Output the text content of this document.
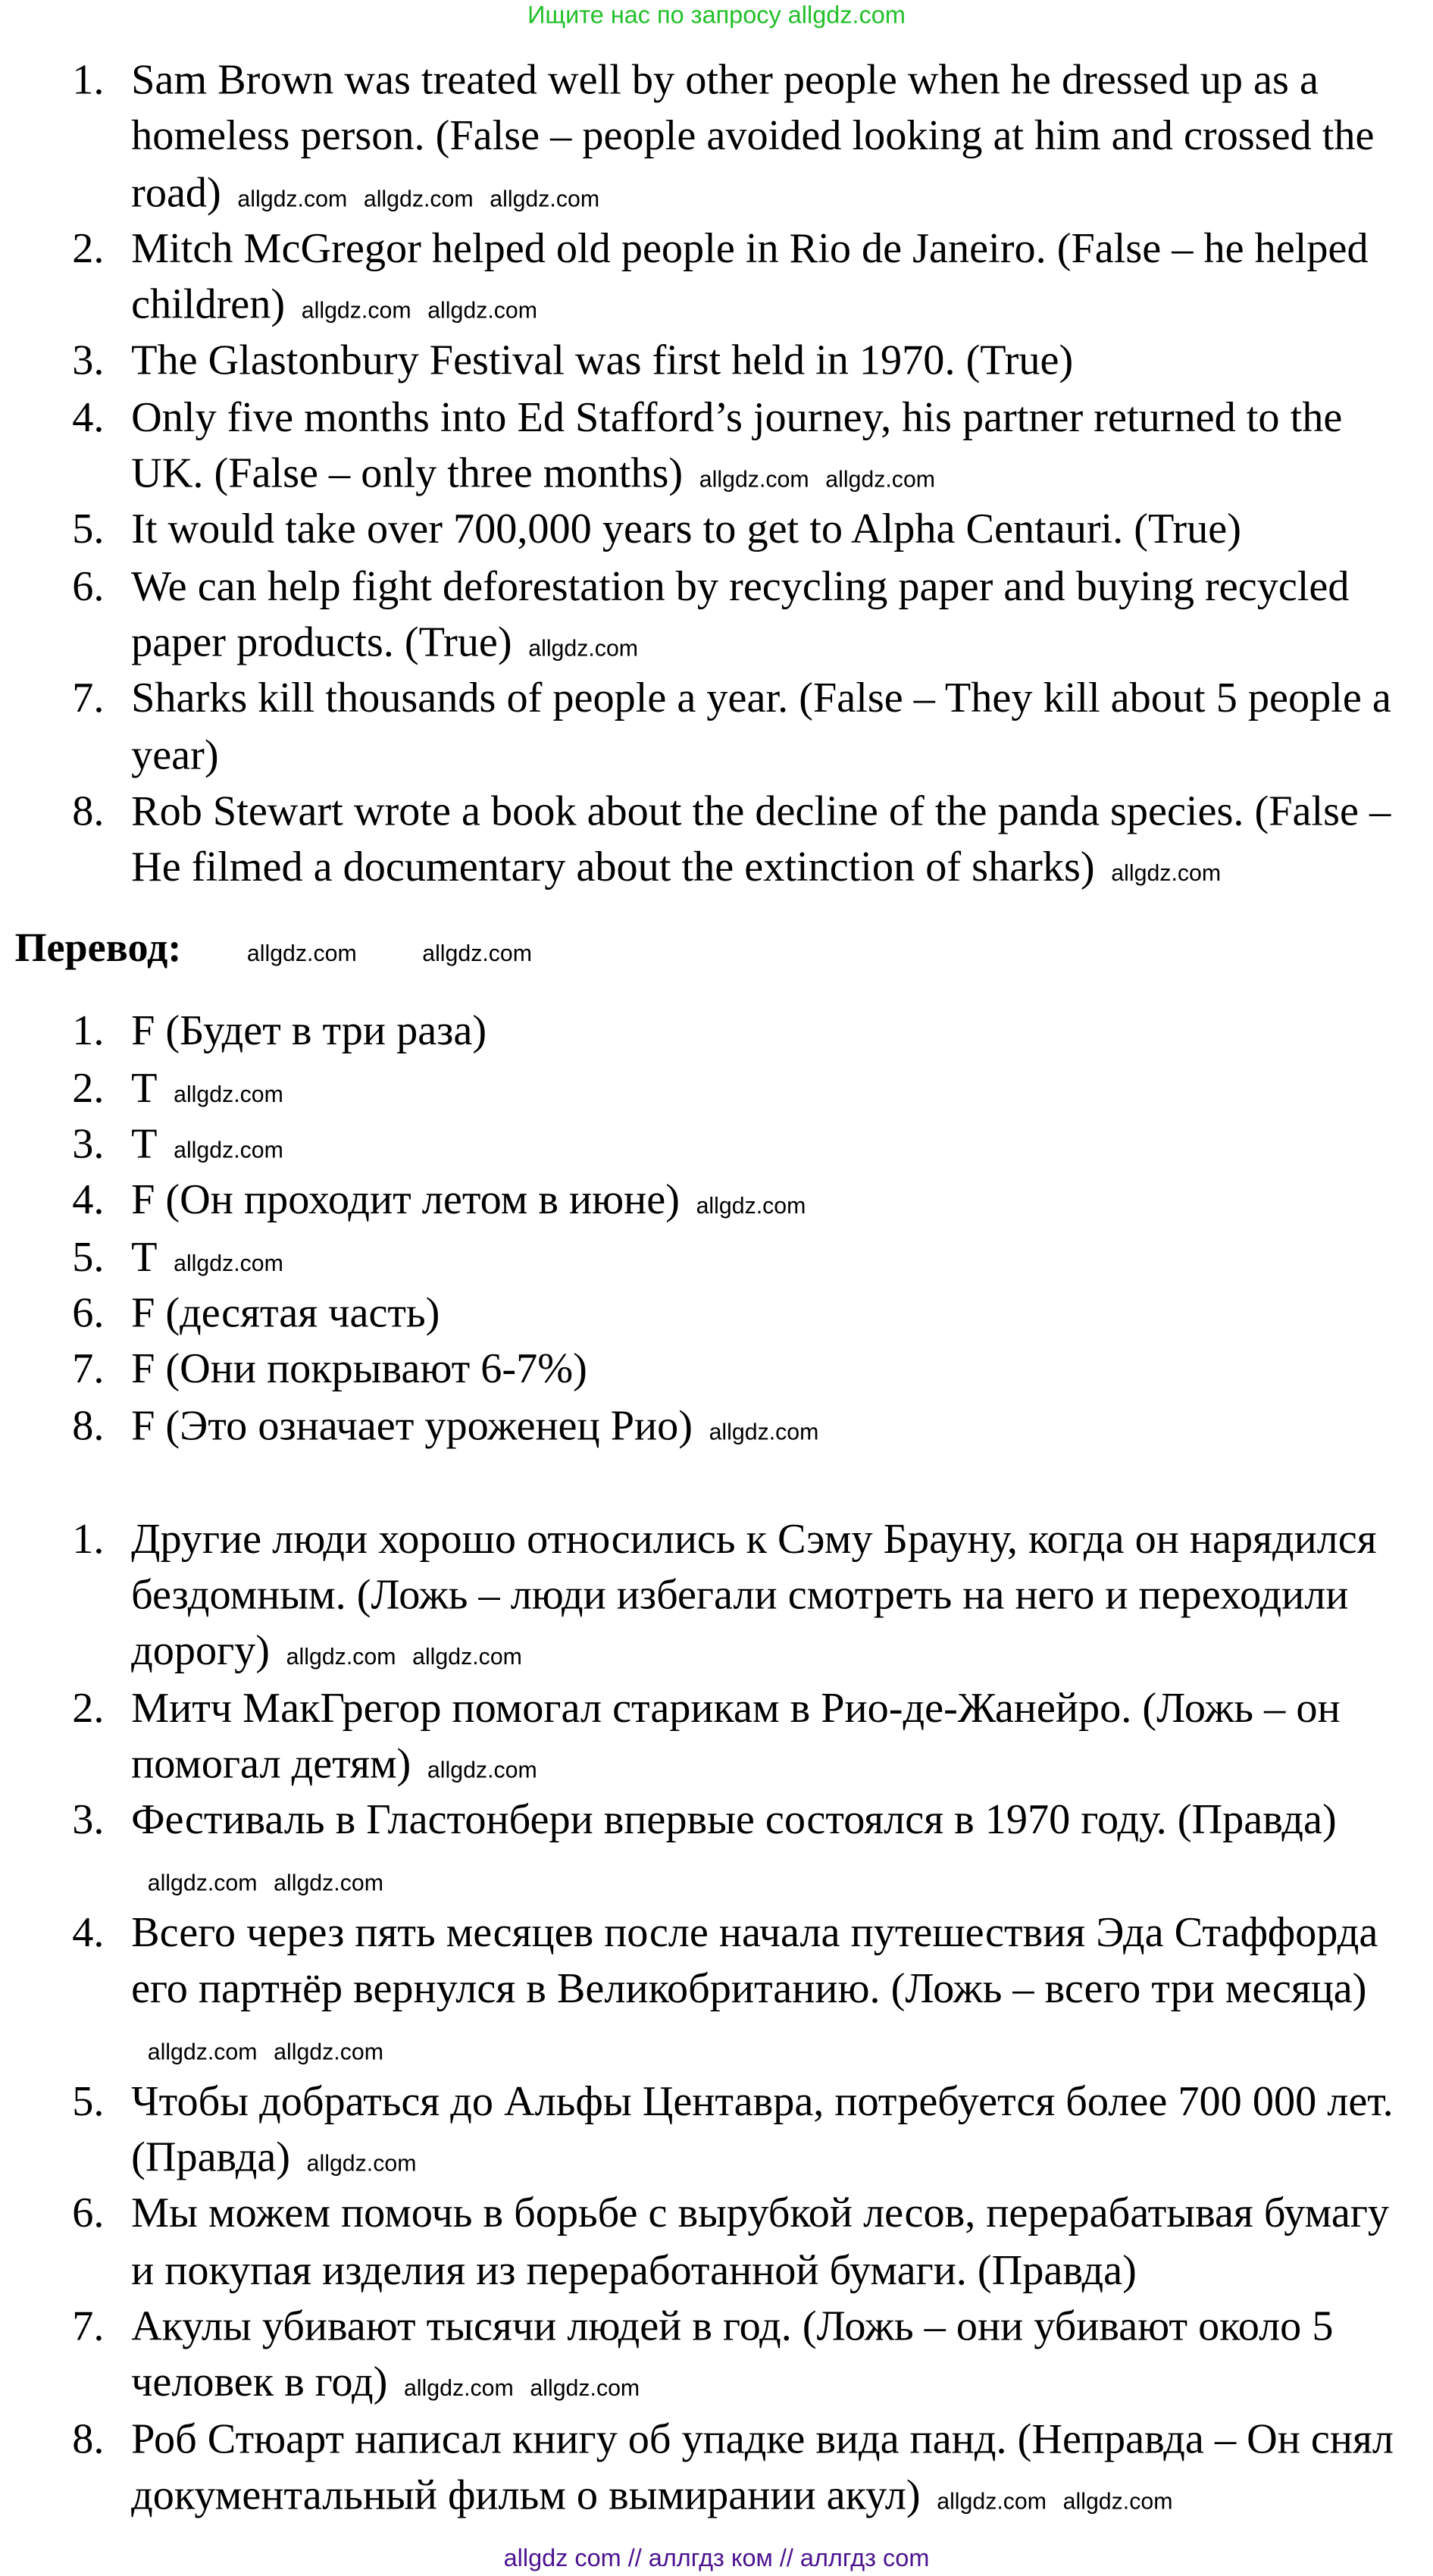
Ищите нас по запросу allgdz.com
1. Sam Brown was treated well by other people when he dressed up as a homeless person. (False – people avoided looking at him and crossed the road) allgdz.com allgdz.com allgdz.com
2. Mitch McGregor helped old people in Rio de Janeiro. (False – he helped children) allgdz.com allgdz.com
3. The Glastonbury Festival was first held in 1970. (True)
4. Only five months into Ed Stafford’s journey, his partner returned to the UK. (False – only three months) allgdz.com allgdz.com
5. It would take over 700,000 years to get to Alpha Centauri. (True)
6. We can help fight deforestation by recycling paper and buying recycled paper products. (True) allgdz.com
7. Sharks kill thousands of people a year. (False – They kill about 5 people a year)
8. Rob Stewart wrote a book about the decline of the panda species. (False – He filmed a documentary about the extinction of sharks) allgdz.com
Перевод:	allgdz.com	allgdz.com
1. F (Будет в три раза)
2. T allgdz.com
3. T allgdz.com
4. F (Он проходит летом в июне) allgdz.com
5. T allgdz.com
6. F (десятая часть)
7. F (Они покрывают 6-7%)
8. F (Это означает уроженец Рио) allgdz.com
1. Другие люди хорошо относились к Сэму Брауну, когда он нарядился бездомным. (Ложь – люди избегали смотреть на него и переходили дорогу) allgdz.com allgdz.com
2. Митч МакГрегор помогал старикам в Рио-де-Жанейро. (Ложь – он помогал детям) allgdz.com
3. Фестиваль в Гластонбери впервые состоялся в 1970 году. (Правда)allgdz.com allgdz.com
4. Всего через пять месяцев после начала путешествия Эда Стаффорда его партнёр вернулся в Великобританию. (Ложь – всего три месяца)allgdz.com allgdz.com
5. Чтобы добраться до Альфы Центавра, потребуется более 700 000 лет. (Правда) allgdz.com
6. Мы можем помочь в борьбе с вырубкой лесов, перерабатывая бумагу и покупая изделия из переработанной бумаги. (Правда)
7. Акулы убивают тысячи людей в год. (Ложь – они убивают около 5 человек в год) allgdz.com allgdz.com
8. Роб Стюарт написал книгу об упадке вида панд. (Неправда – Он снял документальный фильм о вымирании акул) allgdz.com allgdz.com
allgdz com // аллгдз ком // аллгдз com
